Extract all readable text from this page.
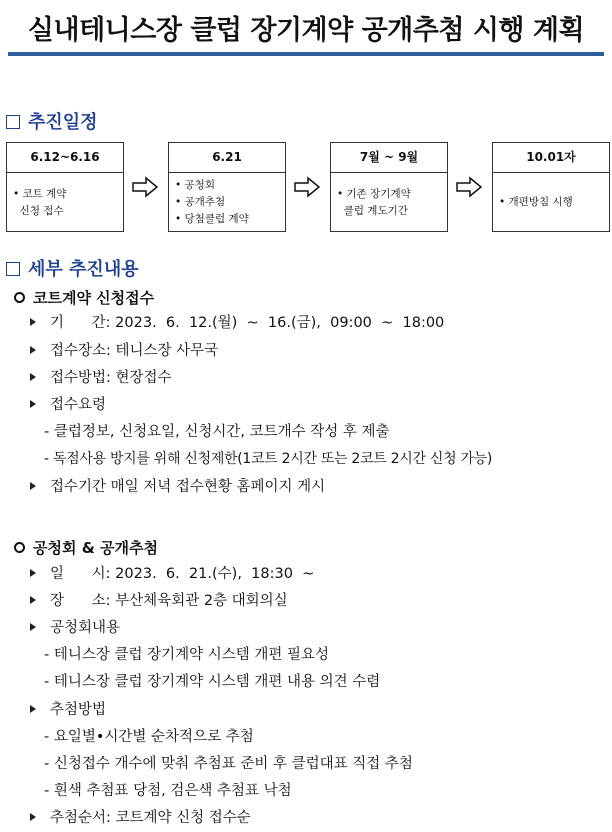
실내테니스장 클럽 장기계약 공개추첨 시행 계획
추진일정
6.12~6.16
• 코트 계약
신청 접수
6.21
• 공청회
• 공개추첨
• 당첨클럽 계약
7월 ~ 9월
• 기존 장기계약
클럽 계도기간
10.01자
• 개편방침 시행
세부 추진내용
코트계약 신청접수
기      간: 2023.  6.  12.(월)  ~  16.(금),  09:00  ~  18:00
접수장소: 테니스장 사무국
접수방법: 현장접수
접수요령
- 클럽정보, 신청요일, 신청시간, 코트개수 작성 후 제출
- 독점사용 방지를 위해 신청제한(1코트 2시간 또는 2코트 2시간 신청 가능)
접수기간 매일 저녁 접수현황 홈페이지 게시
공청회 & 공개추첨
일      시: 2023.  6.  21.(수),  18:30  ~
장      소: 부산체육회관 2층 대회의실
공청회내용
- 테니스장 클럽 장기계약 시스템 개편 필요성
- 테니스장 클럽 장기계약 시스템 개편 내용 의견 수렴
추첨방법
- 요일별•시간별 순차적으로 추첨
- 신청접수 개수에 맞춰 추첨표 준비 후 클럽대표 직접 추첨
- 흰색 추첨표 당첨, 검은색 추첨표 낙첨
추첨순서: 코트계약 신청 접수순
